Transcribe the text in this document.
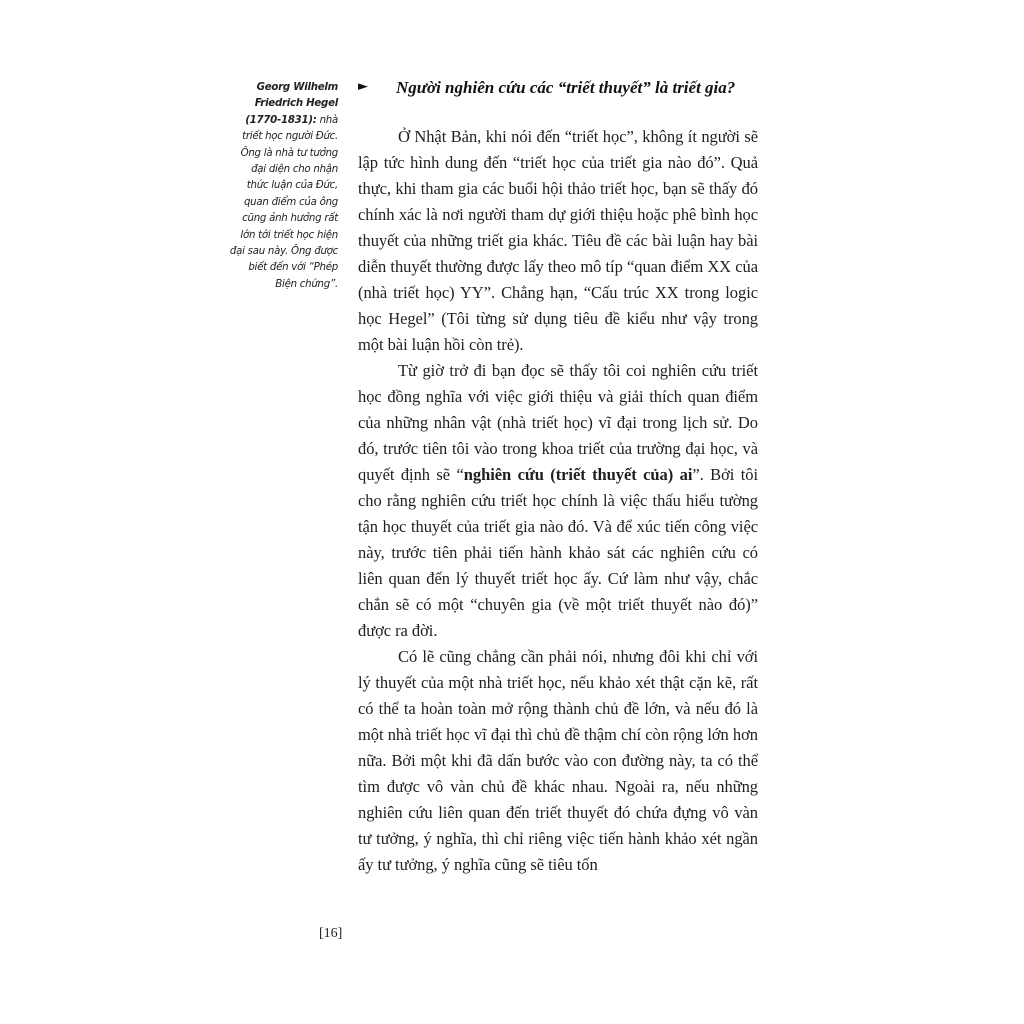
Georg Wilhelm Friedrich Hegel
(1770-1831): nhà triết học người Đức. Ông là nhà tư tưởng đại diện cho nhận thức luận của Đức, quan điểm của ông cũng ảnh hưởng rất lớn tới triết học hiện đại sau này. Ông được biết đến với “Phép Biện chứng”.
[16]
►	Người nghiên cứu các “triết thuyết” là triết gia?

Ở Nhật Bản, khi nói đến “triết học”, không ít người sẽ lập tức hình dung đến “triết học của triết gia nào đó”. Quả thực, khi tham gia các buổi hội thảo triết học, bạn sẽ thấy đó chính xác là nơi người tham dự giới thiệu hoặc phê bình học thuyết của những triết gia khác. Tiêu đề các bài luận hay bài diễn thuyết thường được lấy theo mô típ “quan điểm XX của (nhà triết học) YY”. Chẳng hạn, “Cấu trúc XX trong logic học Hegel” (Tôi từng sử dụng tiêu đề kiểu như vậy trong một bài luận hồi còn trẻ).

Từ giờ trở đi bạn đọc sẽ thấy tôi coi nghiên cứu triết học đồng nghĩa với việc giới thiệu và giải thích quan điểm của những nhân vật (nhà triết học) vĩ đại trong lịch sử. Do đó, trước tiên tôi vào trong khoa triết của trường đại học, và quyết định sẽ “nghiên cứu (triết thuyết của) ai”. Bởi tôi cho rằng nghiên cứu triết học chính là việc thấu hiểu tường tận học thuyết của triết gia nào đó. Và để xúc tiến công việc này, trước tiên phải tiến hành khảo sát các nghiên cứu có liên quan đến lý thuyết triết học ấy. Cứ làm như vậy, chắc chắn sẽ có một “chuyên gia (về một triết thuyết nào đó)” được ra đời.

Có lẽ cũng chẳng cần phải nói, nhưng đôi khi chỉ với lý thuyết của một nhà triết học, nếu khảo xét thật cặn kẽ, rất có thể ta hoàn toàn mở rộng thành chủ đề lớn, và nếu đó là một nhà triết học vĩ đại thì chủ đề thậm chí còn rộng lớn hơn nữa. Bởi một khi đã dấn bước vào con đường này, ta có thể tìm được vô vàn chủ đề khác nhau. Ngoài ra, nếu những nghiên cứu liên quan đến triết thuyết đó chứa đựng vô vàn tư tưởng, ý nghĩa, thì chỉ riêng việc tiến hành khảo xét ngần ấy tư tưởng, ý nghĩa cũng sẽ tiêu tốn
